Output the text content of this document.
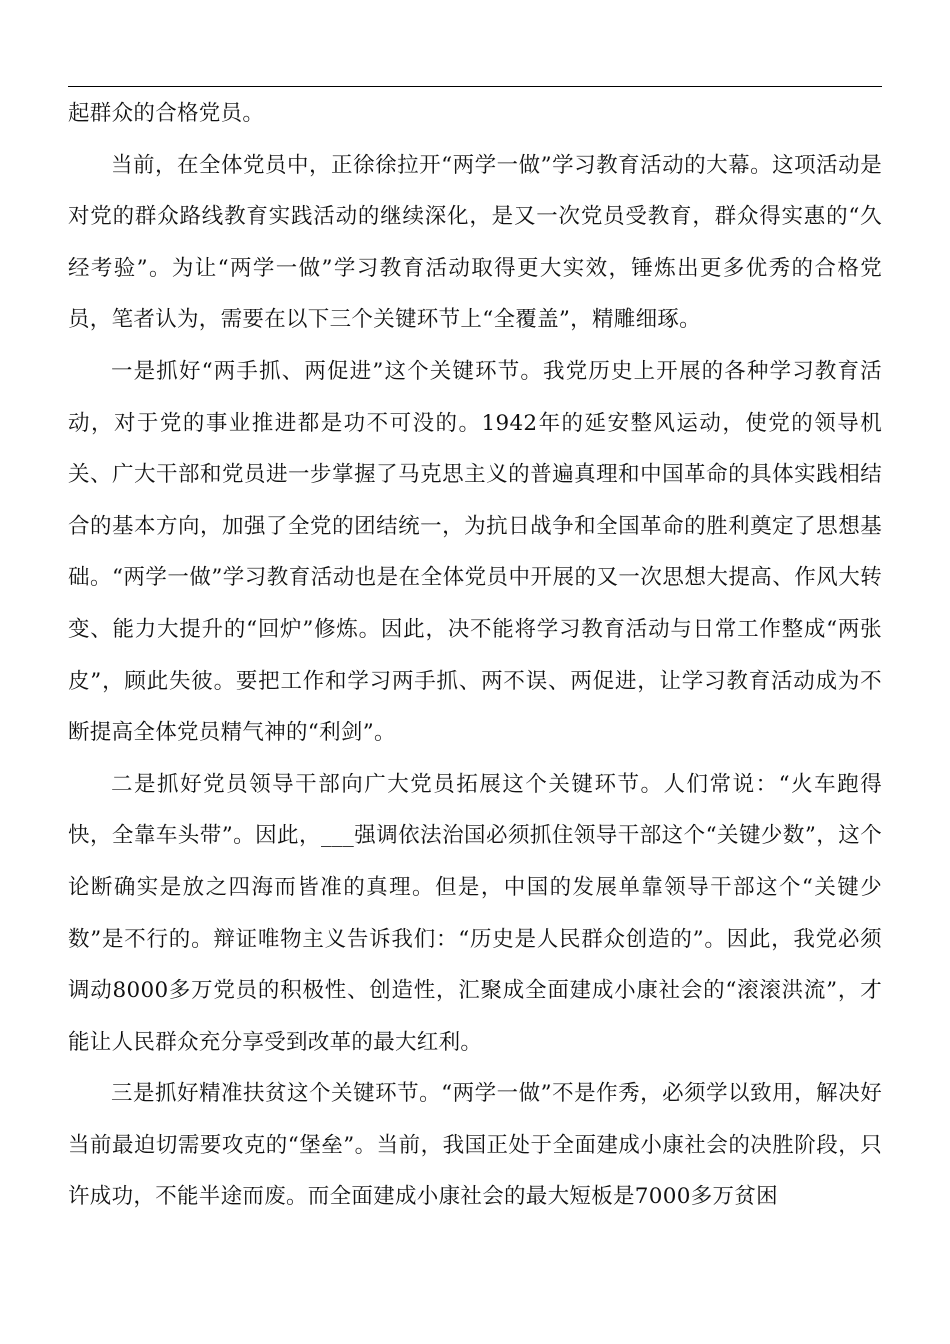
起群众的合格党员。

当前，在全体党员中，正徐徐拉开“两学一做”学习教育活动的大幕。这项活动是对党的群众路线教育实践活动的继续深化，是又一次党员受教育，群众得实惠的“久经考验”。为让“两学一做”学习教育活动取得更大实效，锤炼出更多优秀的合格党员，笔者认为，需要在以下三个关键环节上“全覆盖”，精雕细琢。

一是抓好“两手抓、两促进”这个关键环节。我党历史上开展的各种学习教育活动，对于党的事业推进都是功不可没的。1942年的延安整风运动，使党的领导机关、广大干部和党员进一步掌握了马克思主义的普遍真理和中国革命的具体实践相结合的基本方向，加强了全党的团结统一，为抗日战争和全国革命的胜利奠定了思想基础。“两学一做”学习教育活动也是在全体党员中开展的又一次思想大提高、作风大转变、能力大提升的“回炉”修炼。因此，决不能将学习教育活动与日常工作整成“两张皮”，顾此失彼。要把工作和学习两手抓、两不误、两促进，让学习教育活动成为不断提高全体党员精气神的“利剑”。

二是抓好党员领导干部向广大党员拓展这个关键环节。人们常说：“火车跑得快，全靠车头带”。因此，___强调依法治国必须抓住领导干部这个“关键少数”，这个论断确实是放之四海而皆准的真理。但是，中国的发展单靠领导干部这个“关键少数”是不行的。辩证唯物主义告诉我们：“历史是人民群众创造的”。因此，我党必须调动8000多万党员的积极性、创造性，汇聚成全面建成小康社会的“滚滚洪流”，才能让人民群众充分享受到改革的最大红利。

三是抓好精准扶贫这个关键环节。“两学一做”不是作秀，必须学以致用，解决好当前最迫切需要攻克的“堡垒”。当前，我国正处于全面建成小康社会的决胜阶段，只许成功，不能半途而废。而全面建成小康社会的最大短板是7000多万贫困
